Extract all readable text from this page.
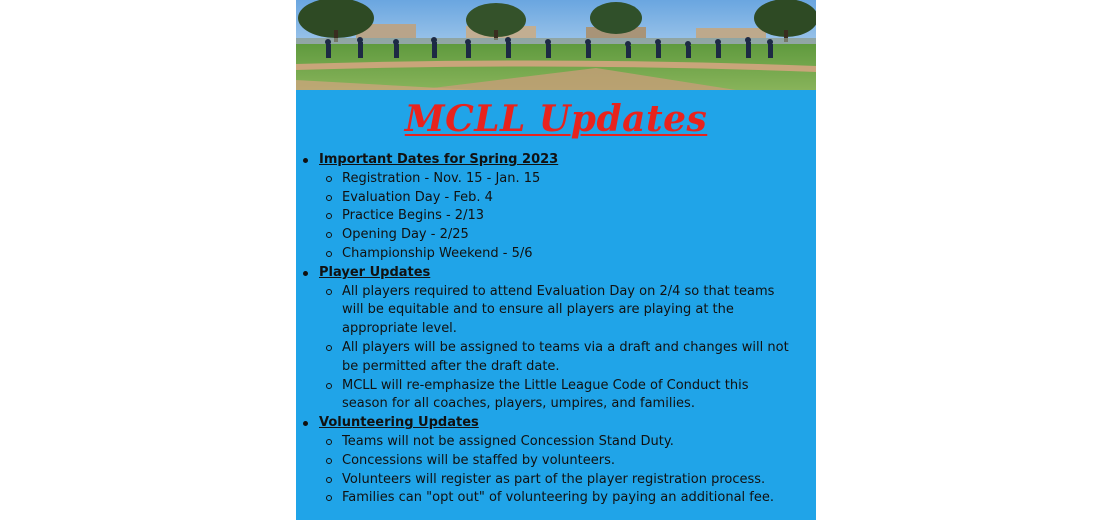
MCLL Updates
Important Dates for Spring 2023
Registration - Nov. 15 - Jan. 15
Evaluation Day - Feb. 4
Practice Begins - 2/13
Opening Day - 2/25
Championship Weekend - 5/6
Player Updates
All players required to attend Evaluation Day on 2/4 so that teams will be equitable and to ensure all players are playing at the appropriate level.
All players will be assigned to teams via a draft and changes will not be permitted after the draft date.
MCLL will re-emphasize the Little League Code of Conduct this season for all coaches, players, umpires, and families.
Volunteering Updates
Teams will not be assigned Concession Stand Duty.
Concessions will be staffed by volunteers.
Volunteers will register as part of the player registration process.
Families can "opt out" of volunteering by paying an additional fee.
